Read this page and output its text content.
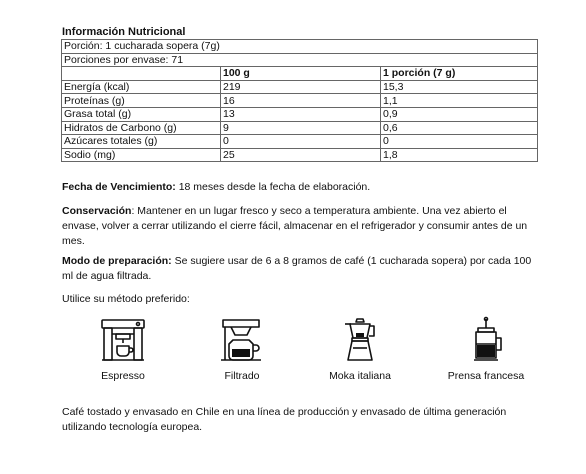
Información Nutricional
Porción: 1 cucharada sopera (7g)		
Porciones por envase: 71		
	100 g	1 porción (7 g)
Energía (kcal)	219	15,3
Proteínas (g)	16	1,1
Grasa total (g)	13	0,9
Hidratos de Carbono (g)	9	0,6
Azúcares totales (g)	0	0
Sodio (mg)	25	1,8
Fecha de Vencimiento: 18 meses desde la fecha de elaboración.
Conservación: Mantener en un lugar fresco y seco a temperatura ambiente. Una vez abierto el envase, volver a cerrar utilizando el cierre fácil, almacenar en el refrigerador y consumir antes de un mes.
Modo de preparación: Se sugiere usar de 6 a 8 gramos de café (1 cucharada sopera) por cada 100 ml de agua filtrada.
Utilice su método preferido:
Espresso	Filtrado	Moka italiana	Prensa francesa
Café tostado y envasado en Chile en una línea de producción y envasado de última generación utilizando tecnología europea.
